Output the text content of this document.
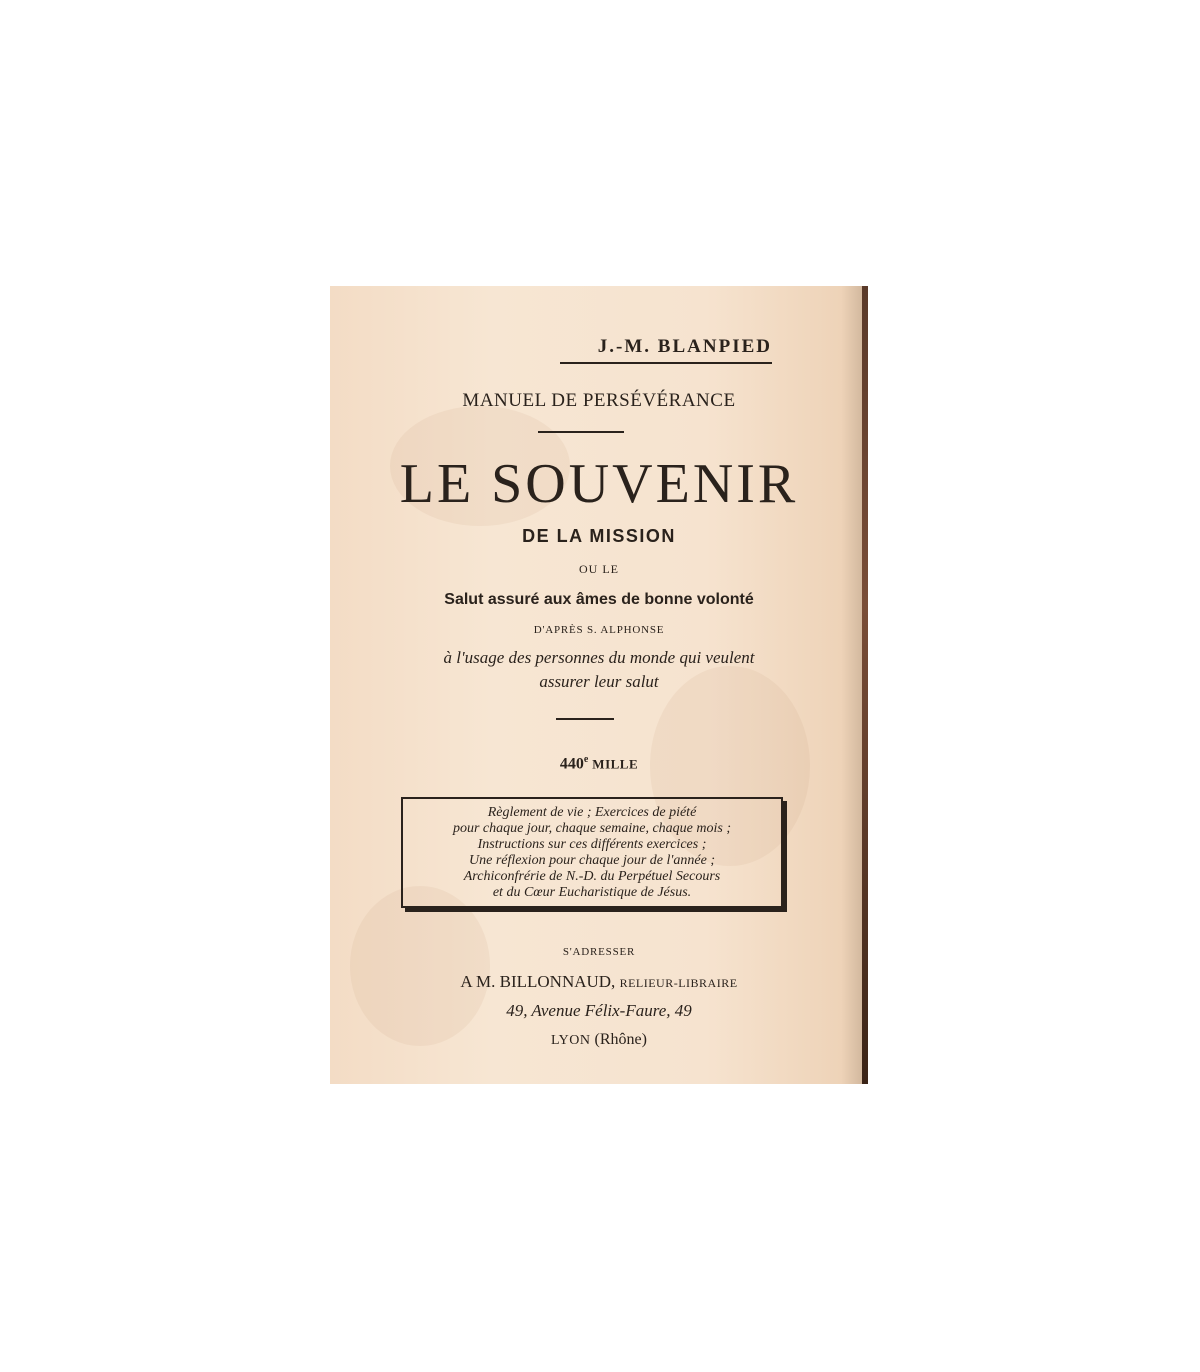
J.-M. BLANPIED
MANUEL DE PERSÉVÉRANCE
LE SOUVENIR
DE LA MISSION
OU LE
Salut assuré aux âmes de bonne volonté
D'APRÈS S. ALPHONSE
à l'usage des personnes du monde qui veulent
assurer leur salut
440e MILLE
Règlement de vie ; Exercices de piété
pour chaque jour, chaque semaine, chaque mois ;
Instructions sur ces différents exercices ;
Une réflexion pour chaque jour de l'année ;
Archiconfrérie de N.-D. du Perpétuel Secours
et du Cœur Eucharistique de Jésus.
S'ADRESSER
A M. BILLONNAUD, RELIEUR-LIBRAIRE
49, Avenue Félix-Faure, 49
LYON (Rhône)
